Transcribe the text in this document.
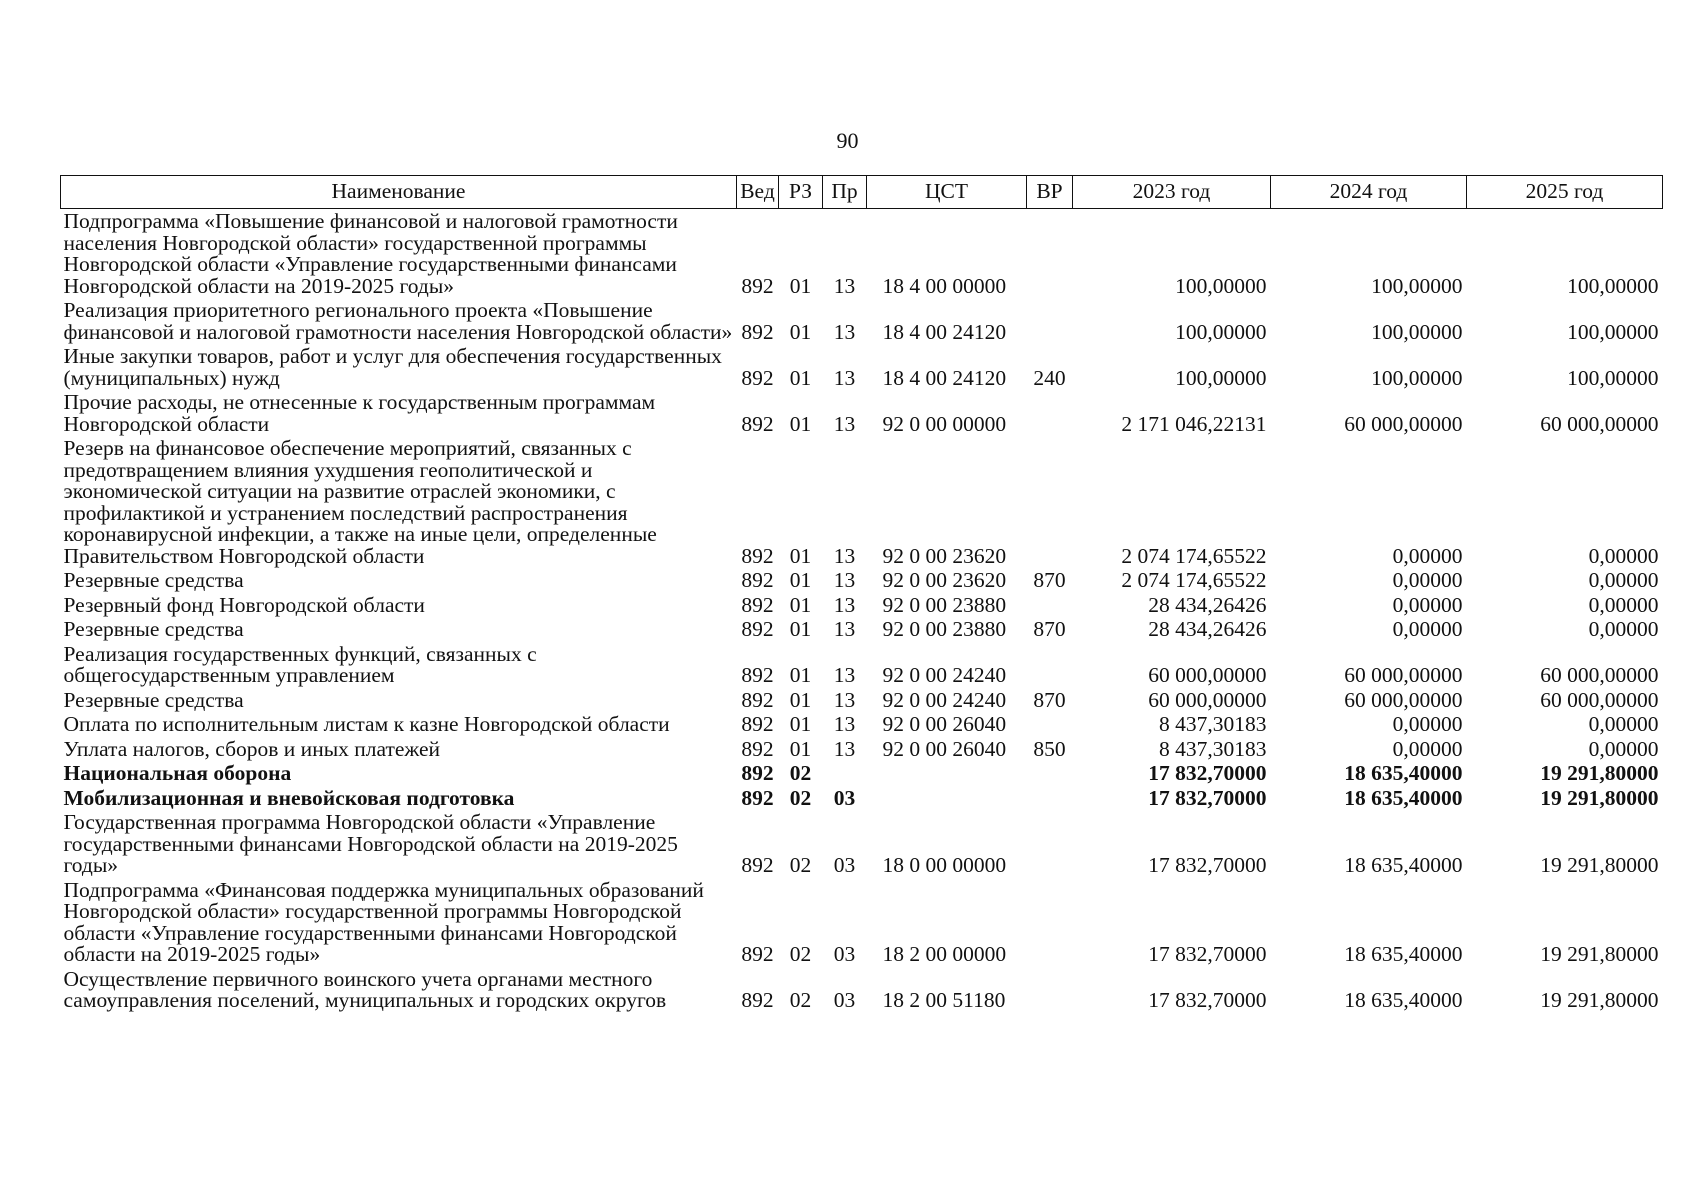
90
Наименование	Вед	РЗ	Пр	ЦСТ	ВР	2023 год	2024 год	2025 год
Подпрограмма «Повышение финансовой и налоговой грамотности населения Новгородской области» государственной программы Новгородской области «Управление государственными финансами Новгородской области на 2019-2025 годы»	892	01	13	18 4 00 00000		100,00000	100,00000	100,00000
Реализация приоритетного регионального проекта «Повышение финансовой и налоговой грамотности населения Новгородской области»	892	01	13	18 4 00 24120		100,00000	100,00000	100,00000
Иные закупки товаров, работ и услуг для обеспечения государственных (муниципальных) нужд	892	01	13	18 4 00 24120	240	100,00000	100,00000	100,00000
Прочие расходы, не отнесенные к государственным программам Новгородской области	892	01	13	92 0 00 00000		2 171 046,22131	60 000,00000	60 000,00000
Резерв на финансовое обеспечение мероприятий, связанных с предотвращением влияния ухудшения геополитической и экономической ситуации на развитие отраслей экономики, с профилактикой и устранением последствий распространения коронавирусной инфекции, а также на иные цели, определенные Правительством Новгородской области	892	01	13	92 0 00 23620		2 074 174,65522	0,00000	0,00000
Резервные средства	892	01	13	92 0 00 23620	870	2 074 174,65522	0,00000	0,00000
Резервный фонд Новгородской области	892	01	13	92 0 00 23880		28 434,26426	0,00000	0,00000
Резервные средства	892	01	13	92 0 00 23880	870	28 434,26426	0,00000	0,00000
Реализация государственных функций, связанных с общегосударственным управлением	892	01	13	92 0 00 24240		60 000,00000	60 000,00000	60 000,00000
Резервные средства	892	01	13	92 0 00 24240	870	60 000,00000	60 000,00000	60 000,00000
Оплата по исполнительным листам к казне Новгородской области	892	01	13	92 0 00 26040		8 437,30183	0,00000	0,00000
Уплата налогов, сборов и иных платежей	892	01	13	92 0 00 26040	850	8 437,30183	0,00000	0,00000
Национальная оборона	892	02				17 832,70000	18 635,40000	19 291,80000
Мобилизационная и вневойсковая подготовка	892	02	03			17 832,70000	18 635,40000	19 291,80000
Государственная программа Новгородской области «Управление государственными финансами Новгородской области на 2019-2025 годы»	892	02	03	18 0 00 00000		17 832,70000	18 635,40000	19 291,80000
Подпрограмма «Финансовая поддержка муниципальных образований Новгородской области» государственной программы Новгородской области «Управление государственными финансами Новгородской области на 2019-2025 годы»	892	02	03	18 2 00 00000		17 832,70000	18 635,40000	19 291,80000
Осуществление первичного воинского учета органами местного самоуправления поселений, муниципальных и городских округов	892	02	03	18 2 00 51180		17 832,70000	18 635,40000	19 291,80000
